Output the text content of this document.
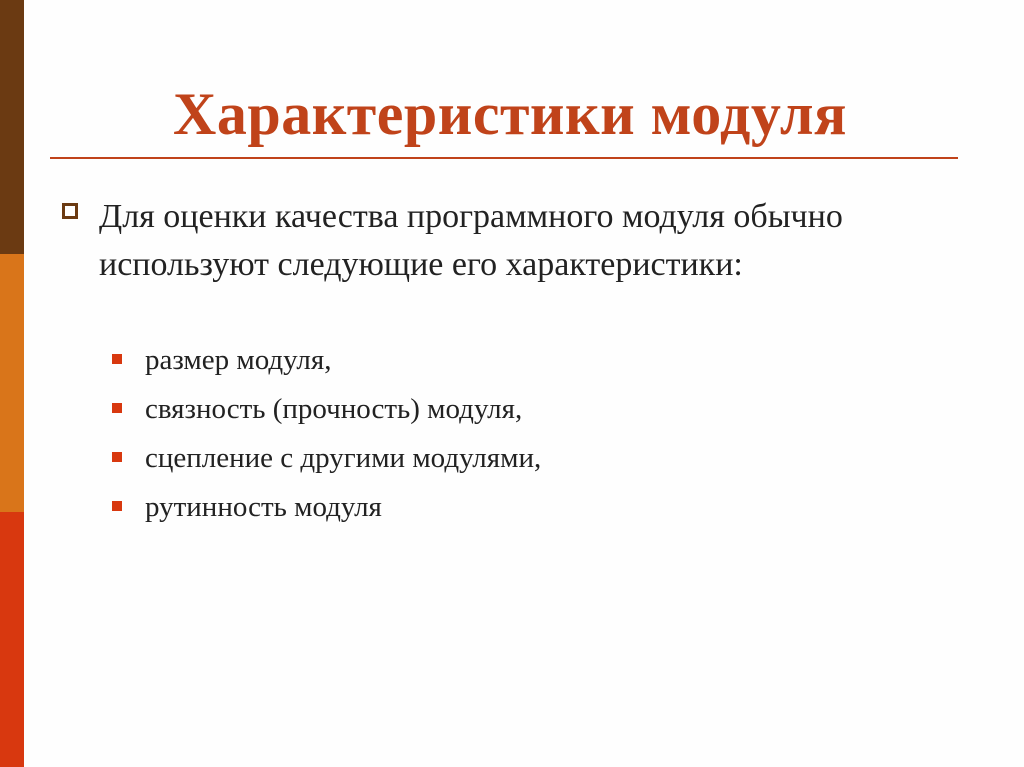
Характеристики модуля
Для оценки качества программного модуля обычно используют следующие его характеристики:
размер модуля,
связность (прочность) модуля,
сцепление с другими модулями,
рутинность модуля
